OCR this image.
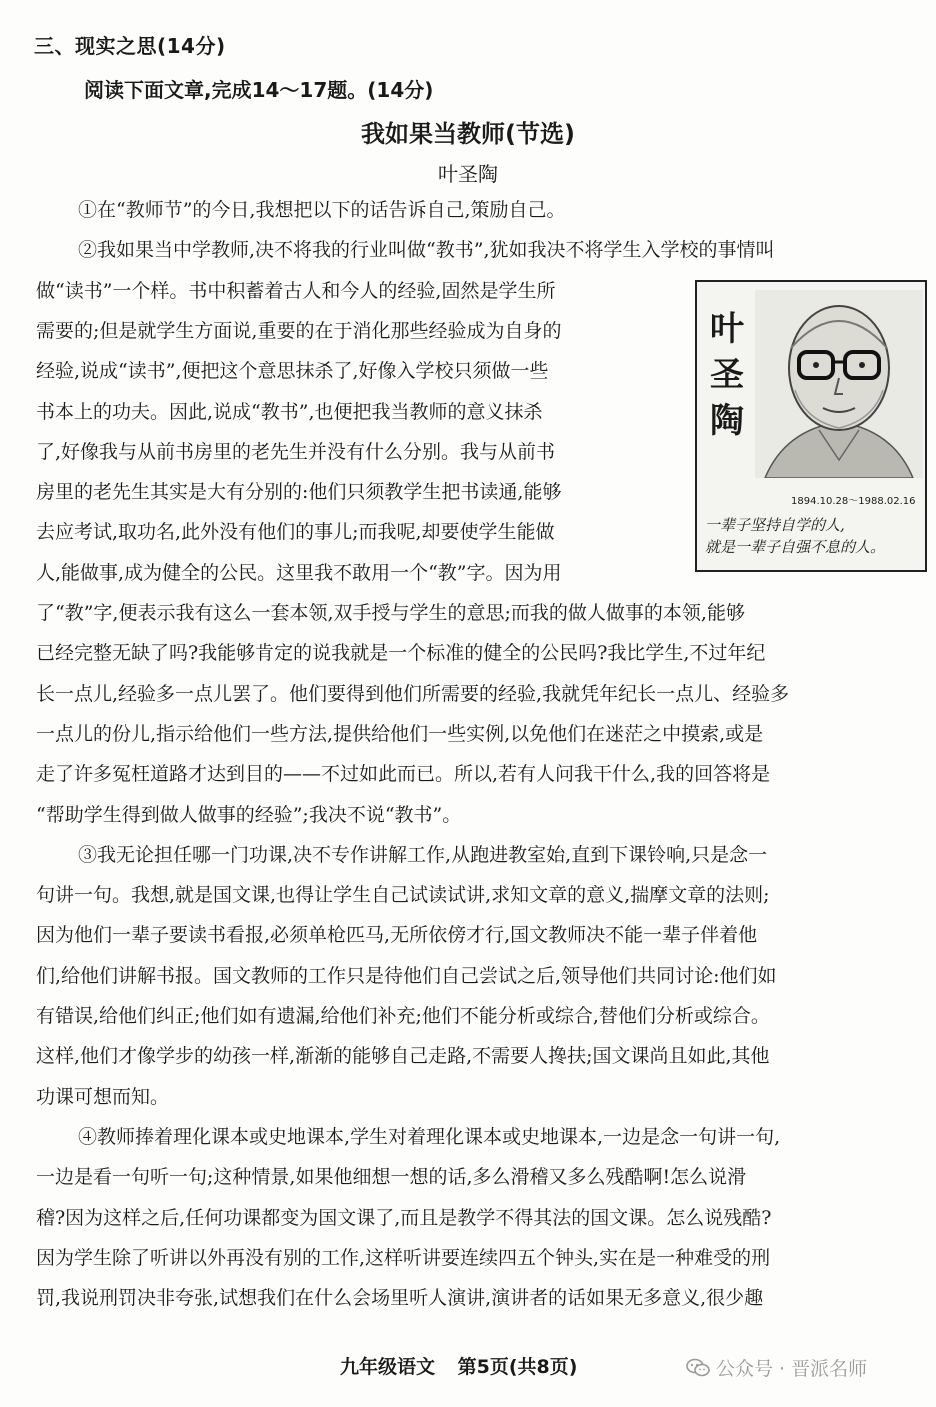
三、现实之思(14分)
阅读下面文章,完成14～17题。(14分)
我如果当教师(节选)
叶圣陶
①在“教师节”的今日,我想把以下的话告诉自己,策励自己。
②我如果当中学教师,决不将我的行业叫做“教书”,犹如我决不将学生入学校的事情叫
做“读书”一个样。书中积蓄着古人和今人的经验,固然是学生所
需要的;但是就学生方面说,重要的在于消化那些经验成为自身的
经验,说成“读书”,便把这个意思抹杀了,好像入学校只须做一些
书本上的功夫。因此,说成“教书”,也便把我当教师的意义抹杀
了,好像我与从前书房里的老先生并没有什么分别。我与从前书
房里的老先生其实是大有分别的:他们只须教学生把书读通,能够
去应考试,取功名,此外没有他们的事儿;而我呢,却要使学生能做
人,能做事,成为健全的公民。这里我不敢用一个“教”字。因为用
了“教”字,便表示我有这么一套本领,双手授与学生的意思;而我的做人做事的本领,能够
已经完整无缺了吗?我能够肯定的说我就是一个标准的健全的公民吗?我比学生,不过年纪
长一点儿,经验多一点儿罢了。他们要得到他们所需要的经验,我就凭年纪长一点儿、经验多
一点儿的份儿,指示给他们一些方法,提供给他们一些实例,以免他们在迷茫之中摸索,或是
走了许多冤枉道路才达到目的——不过如此而已。所以,若有人问我干什么,我的回答将是
“帮助学生得到做人做事的经验”;我决不说“教书”。
③我无论担任哪一门功课,决不专作讲解工作,从跑进教室始,直到下课铃响,只是念一
句讲一句。我想,就是国文课,也得让学生自己试读试讲,求知文章的意义,揣摩文章的法则;
因为他们一辈子要读书看报,必须单枪匹马,无所依傍才行,国文教师决不能一辈子伴着他
们,给他们讲解书报。国文教师的工作只是待他们自己尝试之后,领导他们共同讨论:他们如
有错误,给他们纠正;他们如有遗漏,给他们补充;他们不能分析或综合,替他们分析或综合。
这样,他们才像学步的幼孩一样,渐渐的能够自己走路,不需要人搀扶;国文课尚且如此,其他
功课可想而知。
④教师捧着理化课本或史地课本,学生对着理化课本或史地课本,一边是念一句讲一句,
一边是看一句听一句;这种情景,如果他细想一想的话,多么滑稽又多么残酷啊!怎么说滑
稽?因为这样之后,任何功课都变为国文课了,而且是教学不得其法的国文课。怎么说残酷?
因为学生除了听讲以外再没有别的工作,这样听讲要连续四五个钟头,实在是一种难受的刑
罚,我说刑罚决非夸张,试想我们在什么会场里听人演讲,演讲者的话如果无多意义,很少趣
叶
圣
陶
1894.10.28～1988.02.16
一辈子坚持自学的人,
就是一辈子自强不息的人。
九年级语文 第5页(共8页)	公众号 · 晋派名师
